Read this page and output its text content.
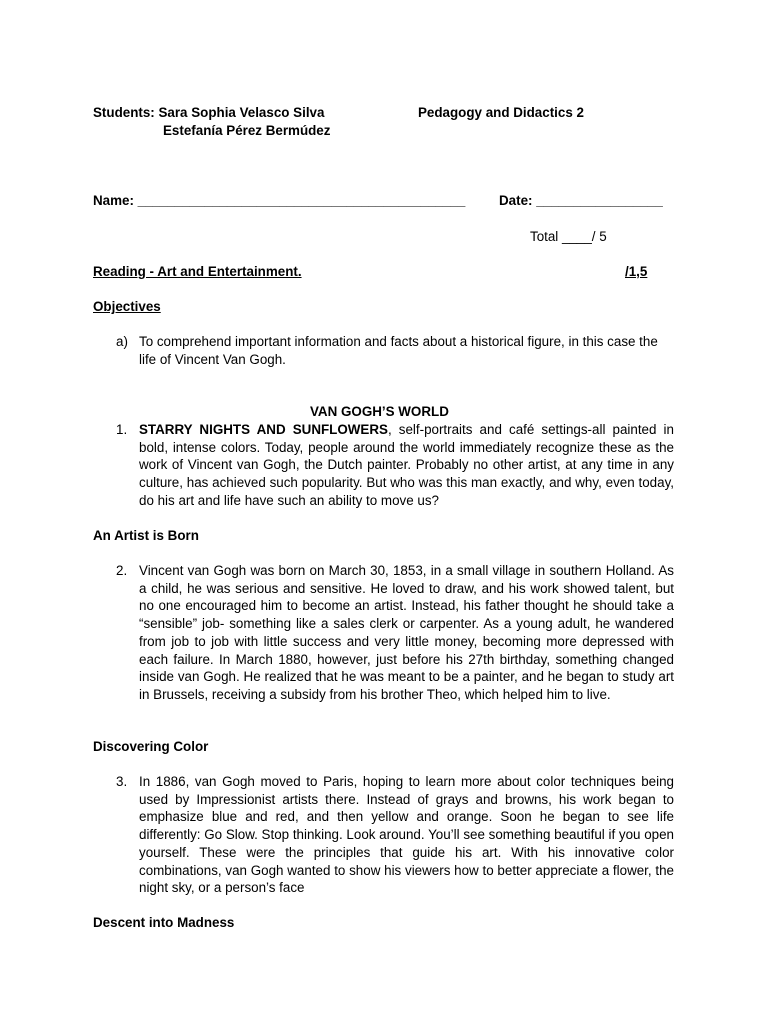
Students: Sara Sophia Velasco Silva
Estefanía Pérez Bermúdez
Pedagogy and Didactics 2
Name: ____________________________________________	Date: _________________
Total ____/ 5
Reading - Art and Entertainment.	/1,5
Objectives
a) To comprehend important information and facts about a historical figure, in this case the life of Vincent Van Gogh.
VAN GOGH’S WORLD
1. STARRY NIGHTS AND SUNFLOWERS, self-portraits and café settings-all painted in bold, intense colors. Today, people around the world immediately recognize these as the work of Vincent van Gogh, the Dutch painter. Probably no other artist, at any time in any culture, has achieved such popularity. But who was this man exactly, and why, even today, do his art and life have such an ability to move us?
An Artist is Born
2. Vincent van Gogh was born on March 30, 1853, in a small village in southern Holland. As a child, he was serious and sensitive. He loved to draw, and his work showed talent, but no one encouraged him to become an artist. Instead, his father thought he should take a “sensible” job- something like a sales clerk or carpenter. As a young adult, he wandered from job to job with little success and very little money, becoming more depressed with each failure. In March 1880, however, just before his 27th birthday, something changed inside van Gogh. He realized that he was meant to be a painter, and he began to study art in Brussels, receiving a subsidy from his brother Theo, which helped him to live.
Discovering Color
3. In 1886, van Gogh moved to Paris, hoping to learn more about color techniques being used by Impressionist artists there. Instead of grays and browns, his work began to emphasize blue and red, and then yellow and orange. Soon he began to see life differently: Go Slow. Stop thinking. Look around. You’ll see something beautiful if you open yourself. These were the principles that guide his art. With his innovative color combinations, van Gogh wanted to show his viewers how to better appreciate a flower, the night sky, or a person’s face
Descent into Madness
